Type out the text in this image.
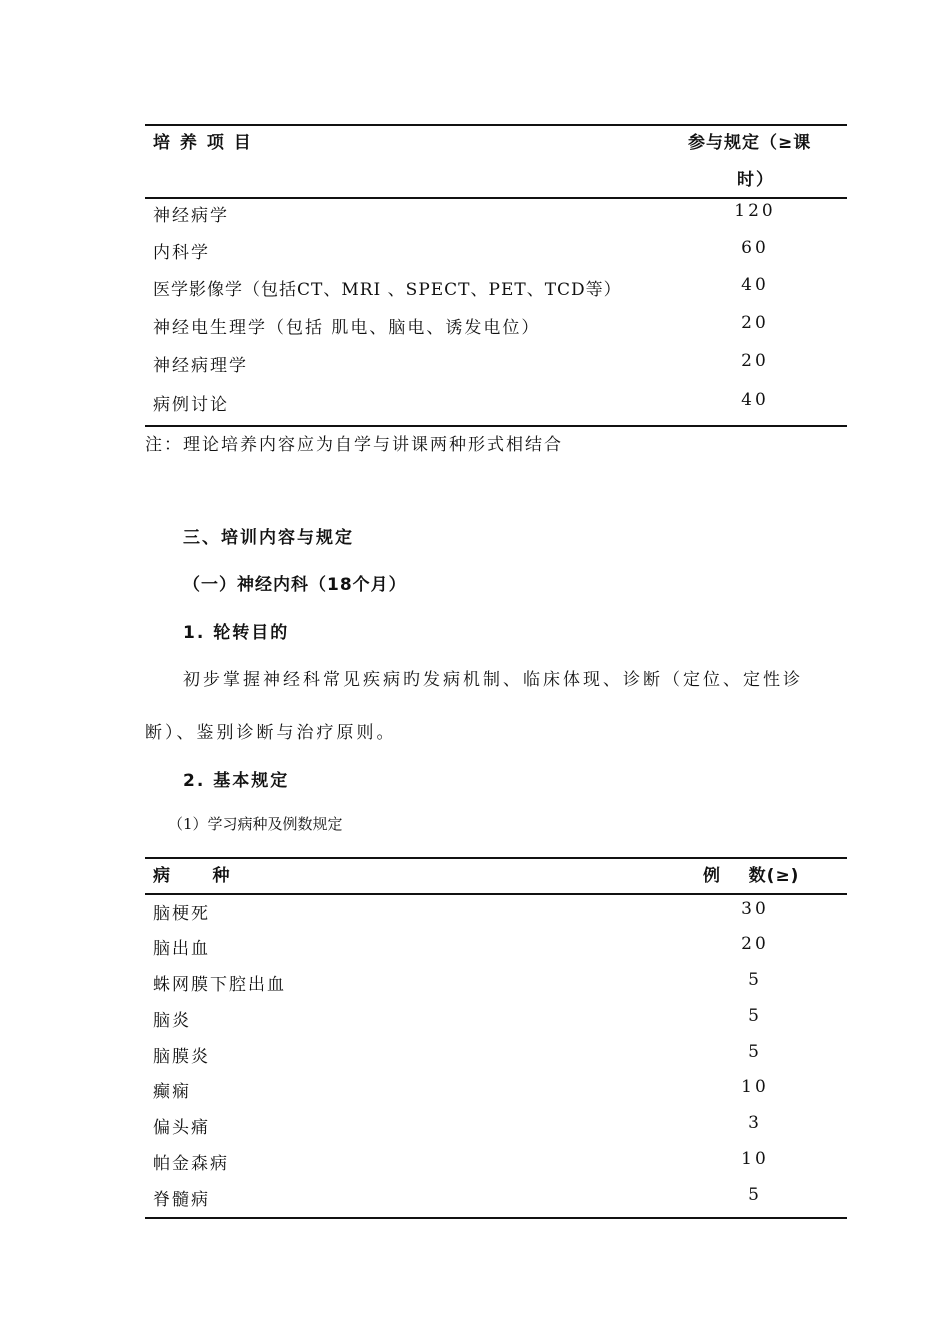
培 养 项 目	参与规定（≥课
时）
神经病学	120
内科学	60
医学影像学（包括CT、MRI 、SPECT、PET、TCD等）	40
神经电生理学（包括 肌电、脑电、诱发电位）	20
神经病理学	20
病例讨论	40
注：理论培养内容应为自学与讲课两种形式相结合
三、培训内容与规定
（一）神经内科（18个月）
1. 轮转目的
初步掌握神经科常见疾病旳发病机制、临床体现、诊断（定位、定性诊
断）、鉴别诊断与治疗原则。
2. 基本规定
（1）学习病种及例数规定
病      种	例    数(≥)
脑梗死	30
脑出血	20
蛛网膜下腔出血	5
脑炎	5
脑膜炎	5
癫痫	10
偏头痛	3
帕金森病	10
脊髓病	5
